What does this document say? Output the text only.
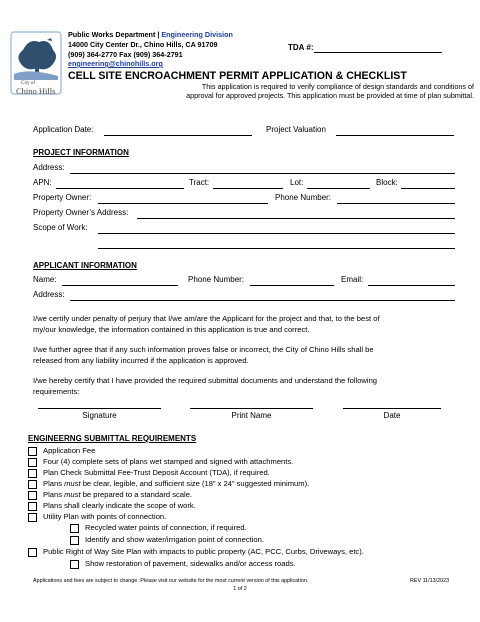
City of
Chino Hills
Public Works Department | Engineering Division
14000 City Center Dr., Chino Hills, CA 91709
(909) 364-2770 Fax (909) 364-2791
engineering@chinohills.org
TDA #:
CELL SITE ENCROACHMENT PERMIT APPLICATION & CHECKLIST
This application is required to verify compliance of design standards and conditions of
approval for approved projects. This application must be provided at time of plan submittal.
Application Date:	Project Valuation
PROJECT INFORMATION
Address:
APN:	Tract:	Lot:	Block:
Property Owner:	Phone Number:
Property Owner’s Address:
Scope of Work:
APPLICANT INFORMATION
Name:	Phone Number:	Email:
Address:
I/we certify under penalty of perjury that I/we am/are the Applicant for the project and that, to the best of
my/our knowledge, the information contained in this application is true and correct.
I/we further agree that if any such information proves false or incorrect, the City of Chino Hills shall be
released from any liability incurred if the application is approved.
I/we hereby certify that I have provided the required submittal documents and understand the following
requirements:
Signature	Print Name	Date
ENGINEERNG SUBMITTAL REQUIREMENTS
Application Fee
Four (4) complete sets of plans wet stamped and signed with attachments.
Plan Check Submittal Fee-Trust Deposit Account (TDA), if required.
Plans must be clear, legible, and sufficient size (18” x 24” suggested minimum).
Plans must be prepared to a standard scale.
Plans shall clearly indicate the scope of work.
Utility Plan with points of connection.
Recycled water points of connection, if required.
Identify and show water/irrigation point of connection.
Public Right of Way Site Plan with impacts to public property (AC, PCC, Curbs, Driveways, etc).
Show restoration of pavement, sidewalks and/or access roads.
Applications and fees are subject to change. Please visit our website for the most current version of this application.	REV 11/13/2023
1 of 2
